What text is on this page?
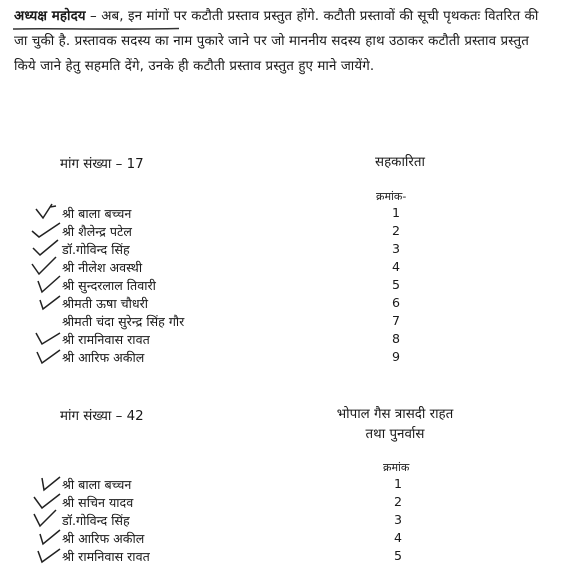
अध्यक्ष महोदय – अब, इन मांगों पर कटौती प्रस्ताव प्रस्तुत होंगे. कटौती प्रस्तावों की सूची पृथकतः वितरित की जा चुकी है. प्रस्तावक सदस्य का नाम पुकारे जाने पर जो माननीय सदस्य हाथ उठाकर कटौती प्रस्ताव प्रस्तुत किये जाने हेतु सहमति देंगे, उनके ही कटौती प्रस्ताव प्रस्तुत हुए माने जायेंगे.
मांग संख्या – 17	सहकारिता
क्रमांक-
श्री बाला बच्चन	1
श्री शैलेन्द्र पटेल	2
डॉ.गोविन्द सिंह	3
श्री नीलेश अवस्थी	4
श्री सुन्दरलाल तिवारी	5
श्रीमती ऊषा चौधरी	6
श्रीमती चंदा सुरेन्द्र सिंह गौर	7
श्री रामनिवास रावत	8
श्री आरिफ अकील	9
मांग संख्या – 42	भोपाल गैस त्रासदी राहत
तथा पुनर्वास
क्रमांक
श्री बाला बच्चन	1
श्री सचिन यादव	2
डॉ.गोविन्द सिंह	3
श्री आरिफ अकील	4
श्री रामनिवास रावत	5
